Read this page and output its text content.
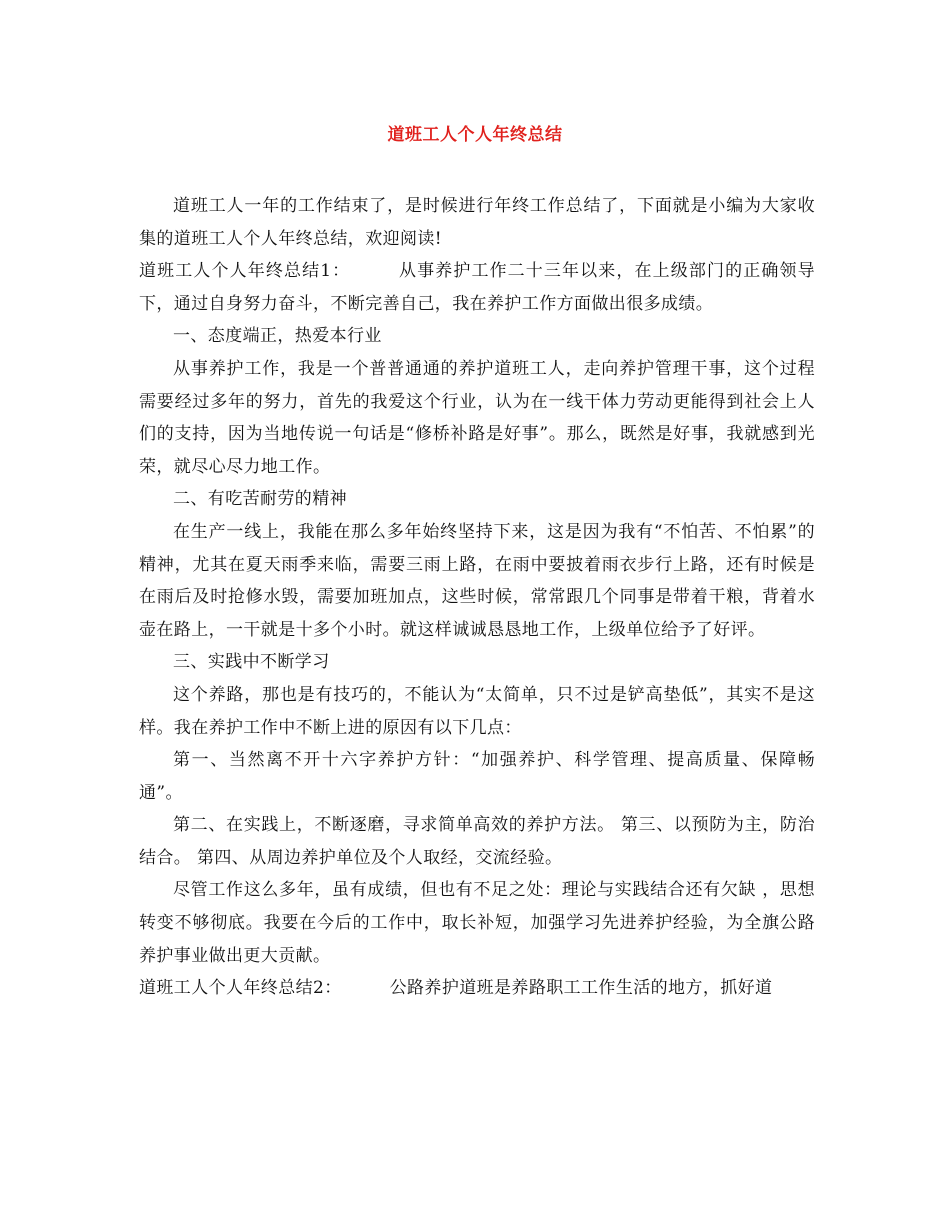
道班工人个人年终总结

道班工人一年的工作结束了，是时候进行年终工作总结了，下面就是小编为大家收集的道班工人个人年终总结，欢迎阅读!

道班工人个人年终总结1：	从事养护工作二十三年以来，在上级部门的正确领导下，通过自身努力奋斗，不断完善自己，我在养护工作方面做出很多成绩。

一、态度端正，热爱本行业

从事养护工作，我是一个普普通通的养护道班工人，走向养护管理干事，这个过程需要经过多年的努力，首先的我爱这个行业，认为在一线干体力劳动更能得到社会上人们的支持，因为当地传说一句话是“修桥补路是好事”。那么，既然是好事，我就感到光荣，就尽心尽力地工作。

二、有吃苦耐劳的精神

在生产一线上，我能在那么多年始终坚持下来，这是因为我有“不怕苦、不怕累”的精神，尤其在夏天雨季来临，需要三雨上路，在雨中要披着雨衣步行上路，还有时候是在雨后及时抢修水毁，需要加班加点，这些时候，常常跟几个同事是带着干粮，背着水壶在路上，一干就是十多个小时。就这样诚诚恳恳地工作，上级单位给予了好评。

三、实践中不断学习

这个养路，那也是有技巧的，不能认为“太简单，只不过是铲高垫低”，其实不是这样。我在养护工作中不断上进的原因有以下几点：

第一、当然离不开十六字养护方针：“加强养护、科学管理、提高质量、保障畅通”。

第二、在实践上，不断逐磨，寻求简单高效的养护方法。 第三、以预防为主，防治结合。 第四、从周边养护单位及个人取经，交流经验。

尽管工作这么多年，虽有成绩，但也有不足之处：理论与实践结合还有欠缺 ，思想转变不够彻底。我要在今后的工作中，取长补短，加强学习先进养护经验，为全旗公路养护事业做出更大贡献。

道班工人个人年终总结2：	公路养护道班是养路职工工作生活的地方，抓好道
